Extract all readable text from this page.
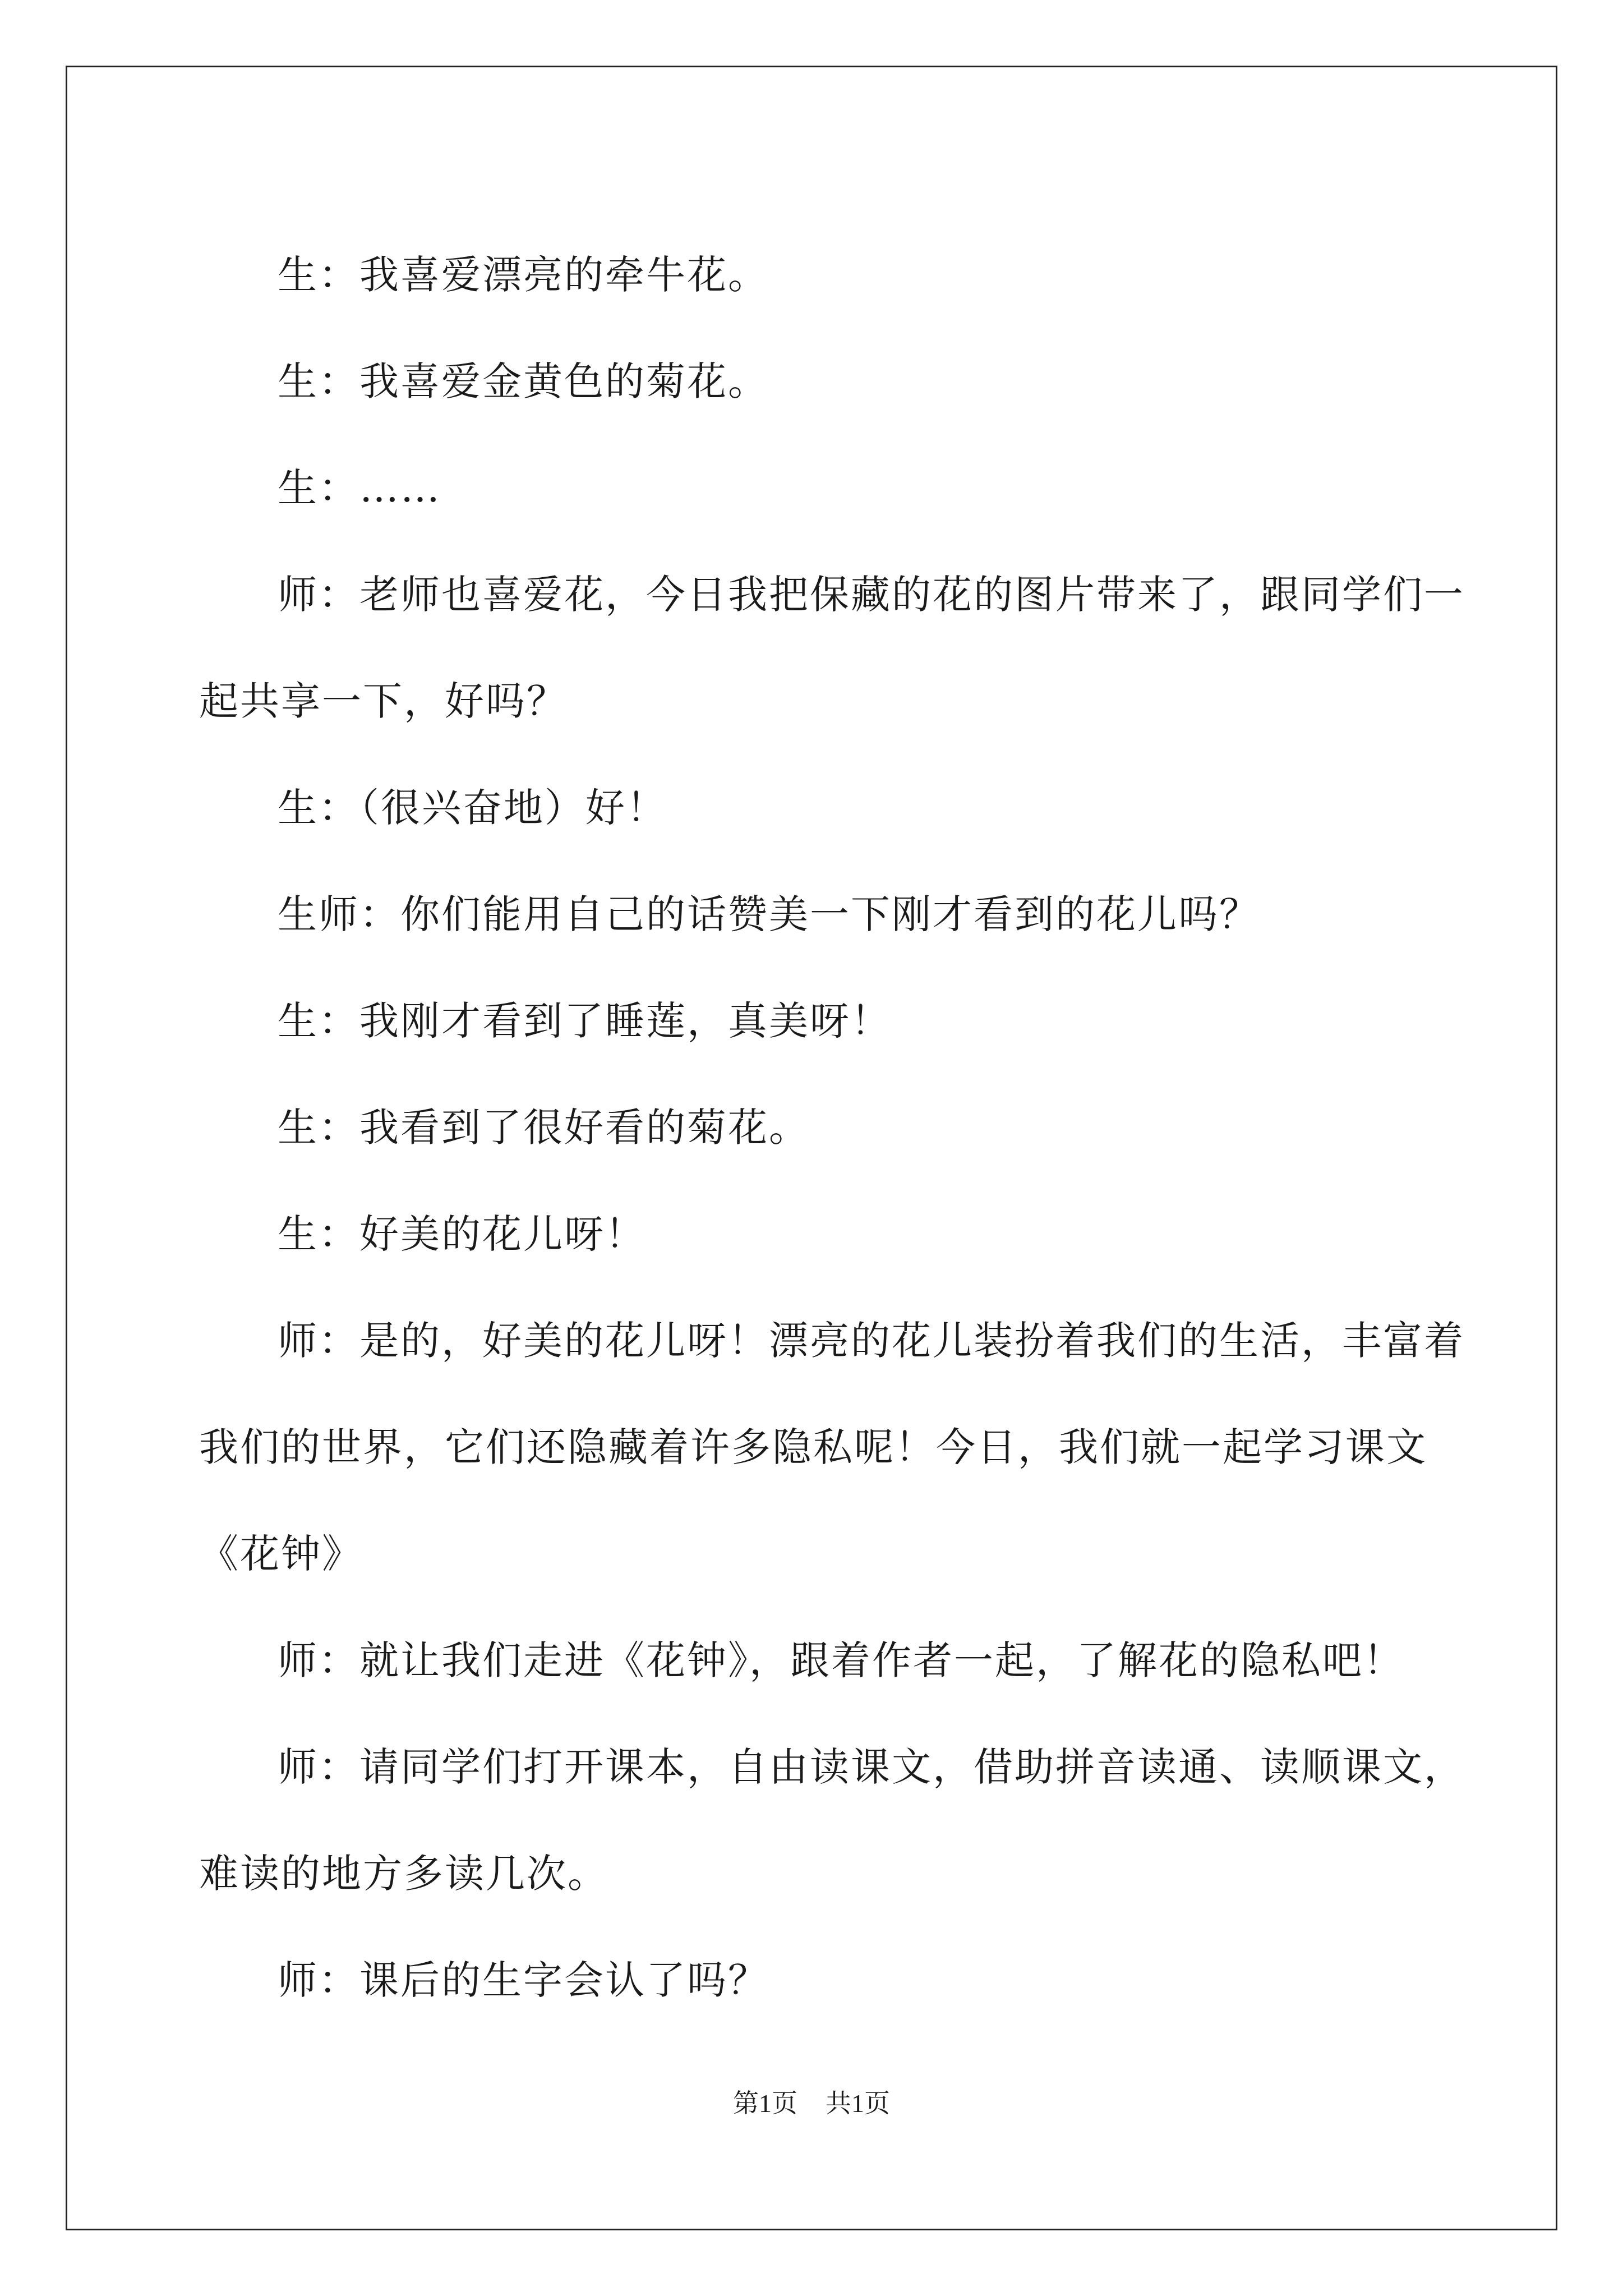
生：我喜爱漂亮的牵牛花。

生：我喜爱金黄色的菊花。

生：……

师：老师也喜爱花，今日我把保藏的花的图片带来了，跟同学们一起共享一下，好吗？

生：（很兴奋地）好！

生师：你们能用自己的话赞美一下刚才看到的花儿吗？

生：我刚才看到了睡莲，真美呀！

生：我看到了很好看的菊花。

生：好美的花儿呀！

师：是的，好美的花儿呀！漂亮的花儿装扮着我们的生活，丰富着我们的世界，它们还隐藏着许多隐私呢！今日，我们就一起学习课文《花钟》

师：就让我们走进《花钟》，跟着作者一起，了解花的隐私吧！

师：请同学们打开课本，自由读课文，借助拼音读通、读顺课文，难读的地方多读几次。

师：课后的生字会认了吗？

第1页 共1页
